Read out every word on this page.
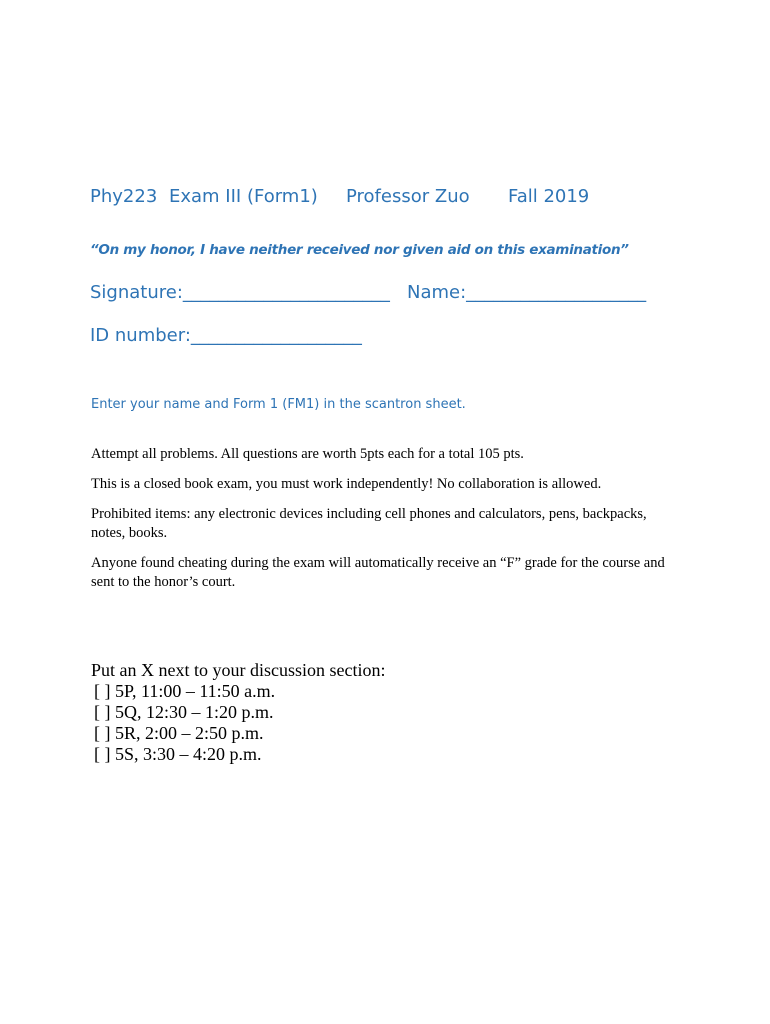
Phy223 Exam III (Form1) Professor Zuo Fall 2019
“On my honor, I have neither received nor given aid on this examination”
Signature:_______________________ Name:____________________
ID number:___________________
Enter your name and Form 1 (FM1) in the scantron sheet.

Attempt all problems. All questions are worth 5pts each for a total 105 pts.

This is a closed book exam, you must work independently! No collaboration is allowed.

Prohibited items: any electronic devices including cell phones and calculators, pens, backpacks, notes, books.

Anyone found cheating during the exam will automatically receive an “F” grade for the course and sent to the honor’s court.

Put an X next to your discussion section:

[ ] 5P, 11:00 – 11:50 a.m.
[ ] 5Q, 12:30 – 1:20 p.m.
[ ] 5R, 2:00 – 2:50 p.m.
[ ] 5S, 3:30 – 4:20 p.m.
